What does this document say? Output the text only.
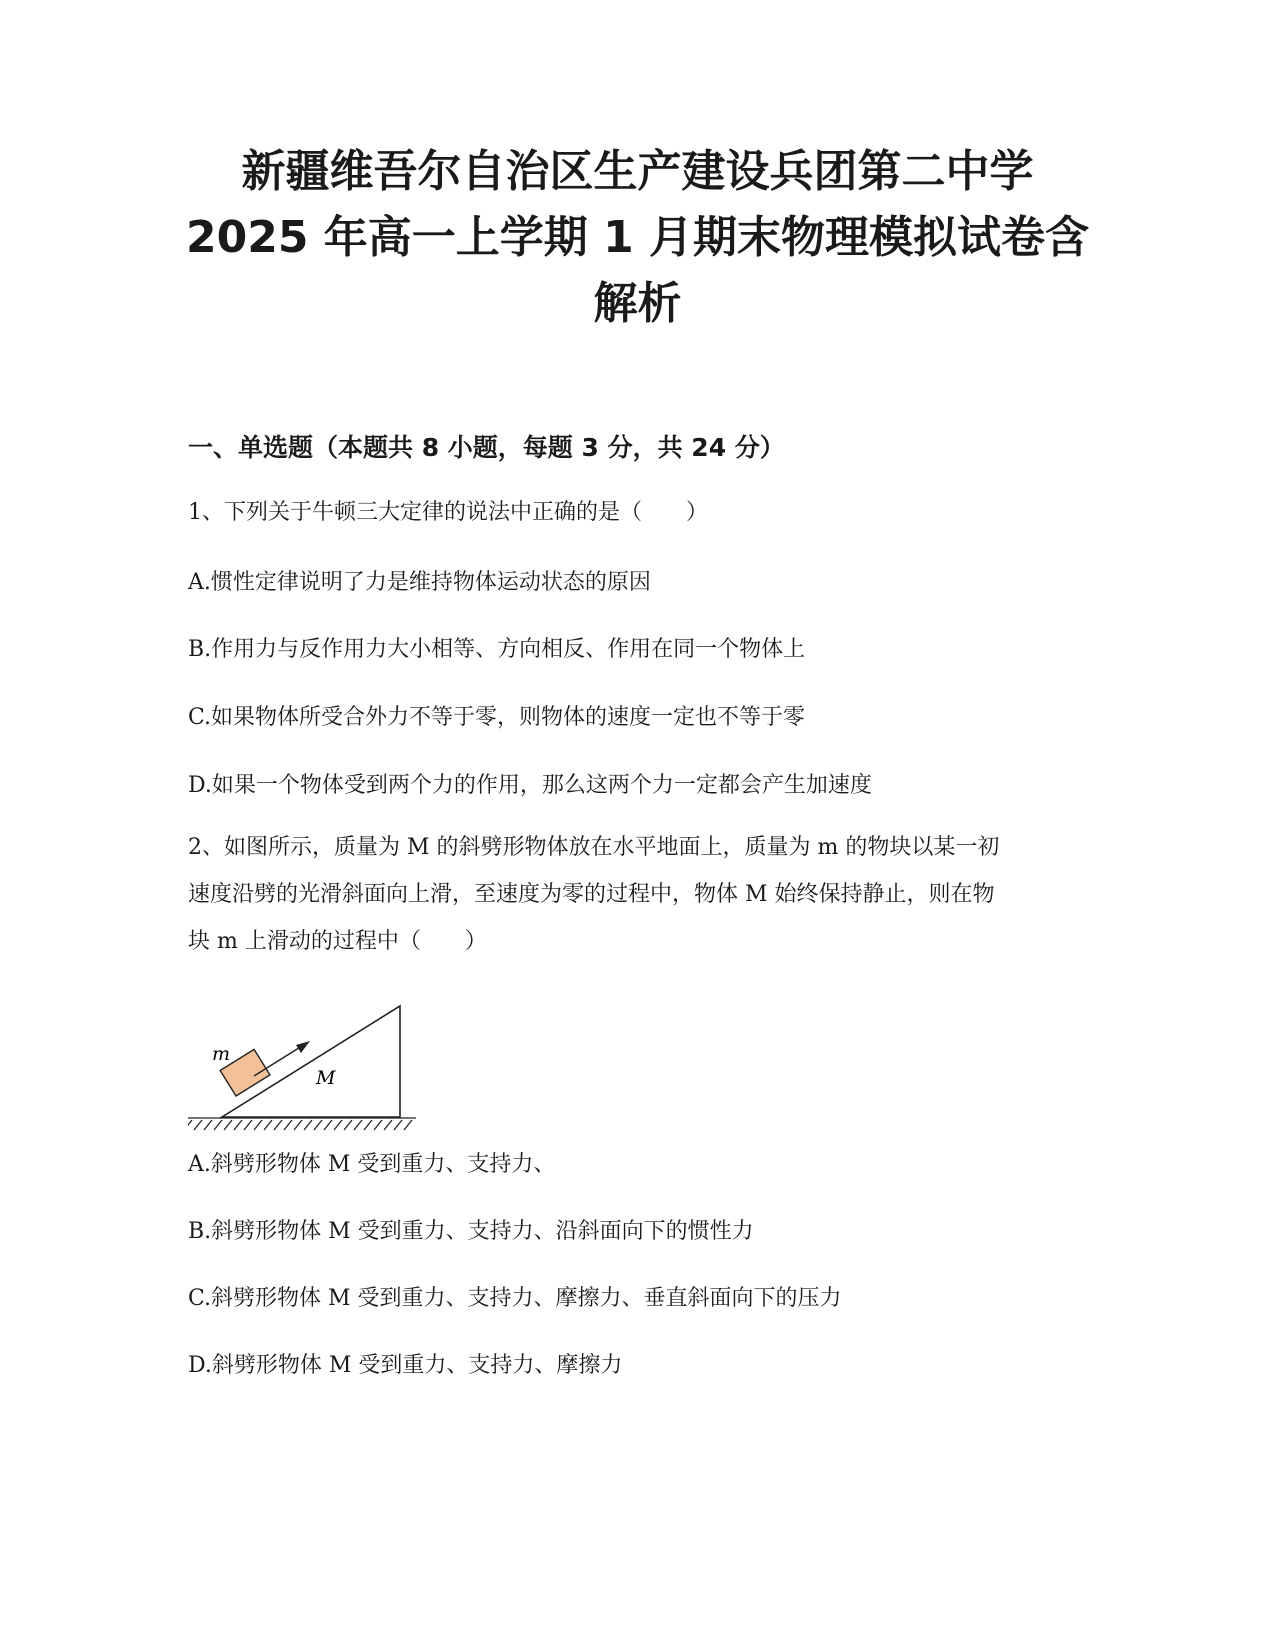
新疆维吾尔自治区生产建设兵团第二中学
2025 年高一上学期 1 月期末物理模拟试卷含
解析
一、单选题（本题共 8 小题，每题 3 分，共 24 分）
1、下列关于牛顿三大定律的说法中正确的是（　　）
A.惯性定律说明了力是维持物体运动状态的原因
B.作用力与反作用力大小相等、方向相反、作用在同一个物体上
C.如果物体所受合外力不等于零，则物体的速度一定也不等于零
D.如果一个物体受到两个力的作用，那么这两个力一定都会产生加速度
2、如图所示，质量为 M 的斜劈形物体放在水平地面上，质量为 m 的物块以某一初
速度沿劈的光滑斜面向上滑，至速度为零的过程中，物体 M 始终保持静止，则在物
块 m 上滑动的过程中（　　）
m
M
A.斜劈形物体 M 受到重力、支持力、
B.斜劈形物体 M 受到重力、支持力、沿斜面向下的惯性力
C.斜劈形物体 M 受到重力、支持力、摩擦力、垂直斜面向下的压力
D.斜劈形物体 M 受到重力、支持力、摩擦力
